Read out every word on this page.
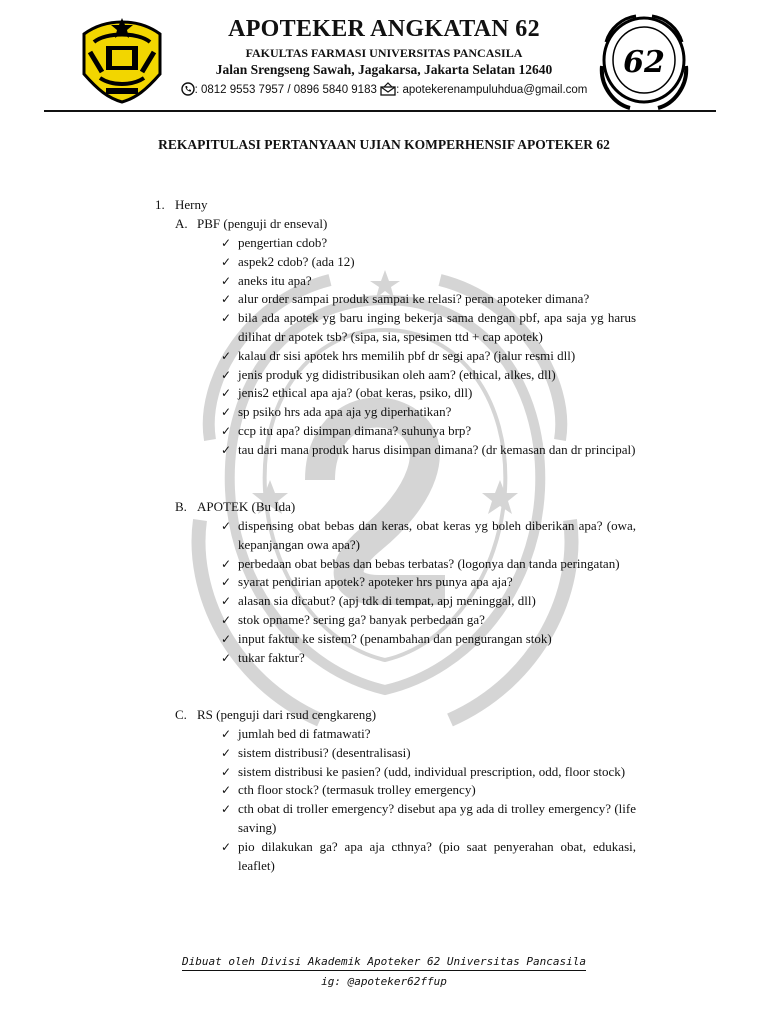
62
APOTEKER ANGKATAN 62
FAKULTAS FARMASI UNIVERSITAS PANCASILA
Jalan Srengseng Sawah, Jagakarsa, Jakarta Selatan 12640
: 0812 9553 7957 / 0896 5840 9183 : apotekerenampuluhdua@gmail.com
REKAPITULASI PERTANYAAN UJIAN KOMPERHENSIF APOTEKER 62
1. Herny
A. PBF (penguji dr enseval)
✓ pengertian cdob?
✓ aspek2 cdob? (ada 12)
✓ aneks itu apa?
✓ alur order sampai produk sampai ke relasi? peran apoteker dimana?
✓ bila ada apotek yg baru inging bekerja sama dengan pbf, apa saja yg harus dilihat dr apotek tsb? (sipa, sia, spesimen ttd + cap apotek)
✓ kalau dr sisi apotek hrs memilih pbf dr segi apa? (jalur resmi dll)
✓ jenis produk yg didistribusikan oleh aam? (ethical, alkes, dll)
✓ jenis2 ethical apa aja? (obat keras, psiko, dll)
✓ sp psiko hrs ada apa aja yg diperhatikan?
✓ ccp itu apa? disimpan dimana? suhunya brp?
✓ tau dari mana produk harus disimpan dimana? (dr kemasan dan dr principal)
B. APOTEK (Bu Ida)
✓ dispensing obat bebas dan keras, obat keras yg boleh diberikan apa? (owa, kepanjangan owa apa?)
✓ perbedaan obat bebas dan bebas terbatas? (logonya dan tanda peringatan)
✓ syarat pendirian apotek? apoteker hrs punya apa aja?
✓ alasan sia dicabut? (apj tdk di tempat, apj meninggal, dll)
✓ stok opname? sering ga? banyak perbedaan ga?
✓ input faktur ke sistem? (penambahan dan pengurangan stok)
✓ tukar faktur?
C. RS (penguji dari rsud cengkareng)
✓ jumlah bed di fatmawati?
✓ sistem distribusi? (desentralisasi)
✓ sistem distribusi ke pasien? (udd, individual prescription, odd, floor stock)
✓ cth floor stock? (termasuk trolley emergency)
✓ cth obat di troller emergency? disebut apa yg ada di trolley emergency? (life saving)
✓ pio dilakukan ga? apa aja cthnya? (pio saat penyerahan obat, edukasi, leaflet)
Dibuat oleh Divisi Akademik Apoteker 62 Universitas Pancasila
ig: @apoteker62ffup
